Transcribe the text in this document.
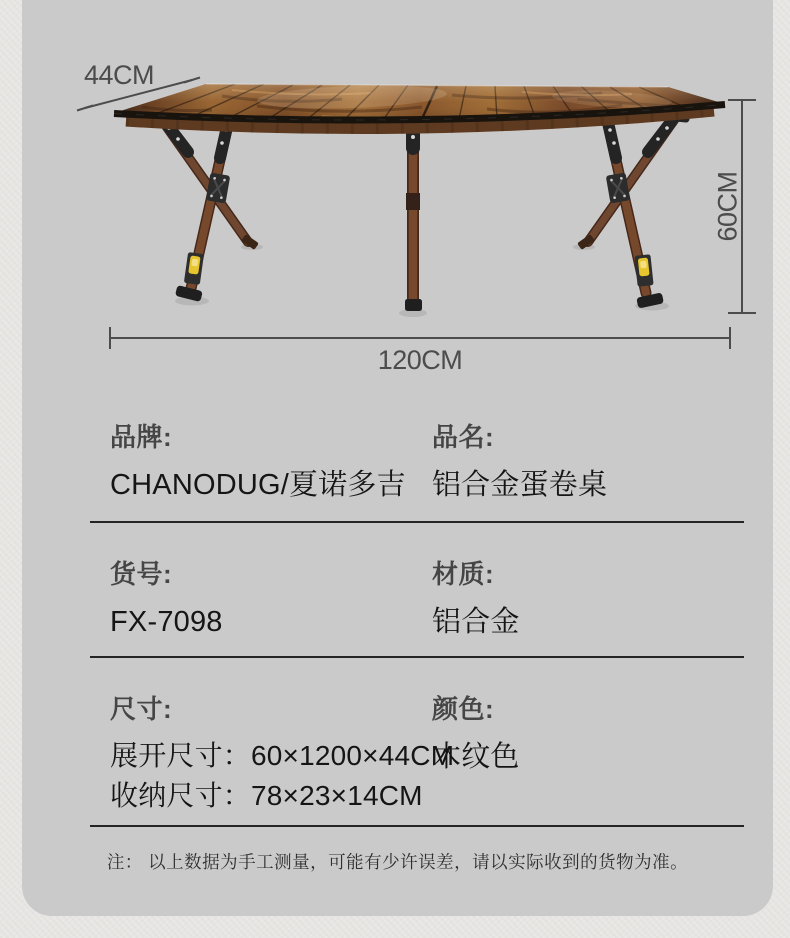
44CM
60CM
120CM
品牌:
CHANODUG/夏诺多吉
品名:
铝合金蛋卷桌
货号:
FX-7098
材质:
铝合金
尺寸:
展开尺寸：60×1200×44CM
收纳尺寸：78×23×14CM
颜色:
木纹色
注： 以上数据为手工测量，可能有少许误差，请以实际收到的货物为准。
